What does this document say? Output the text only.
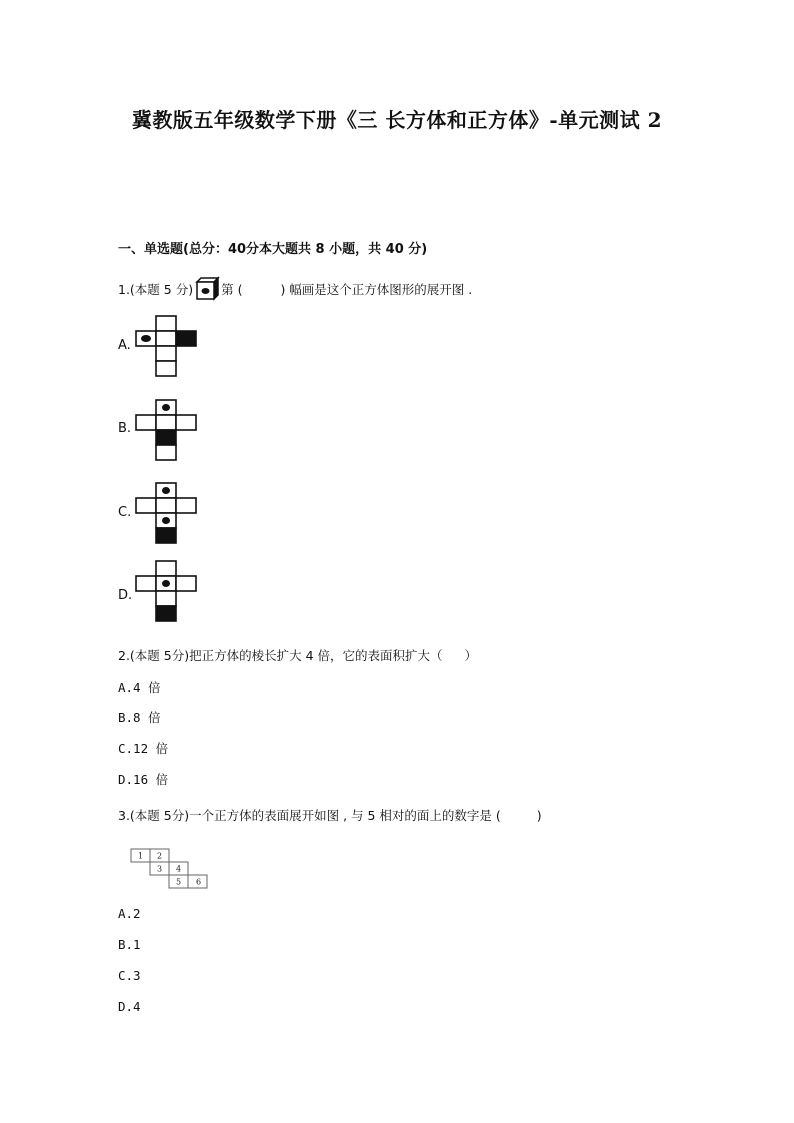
冀教版五年级数学下册《三 长方体和正方体》-单元测试 2
一、单选题(总分：40分本大题共 8 小题，共 40 分)
1.(本题 5 分) 第 (	) 幅画是这个正方体图形的展开图 .
A.
B.
C.
D.
2.(本题 5分)把正方体的棱长扩大 4 倍，它的表面积扩大（ ）
A.4 倍
B.8 倍
C.12 倍
D.16 倍
3.(本题 5分)一个正方体的表面展开如图 , 与 5 相对的面上的数字是 (	)
1 2
3 4
5 6
A.2
B.1
C.3
D.4
